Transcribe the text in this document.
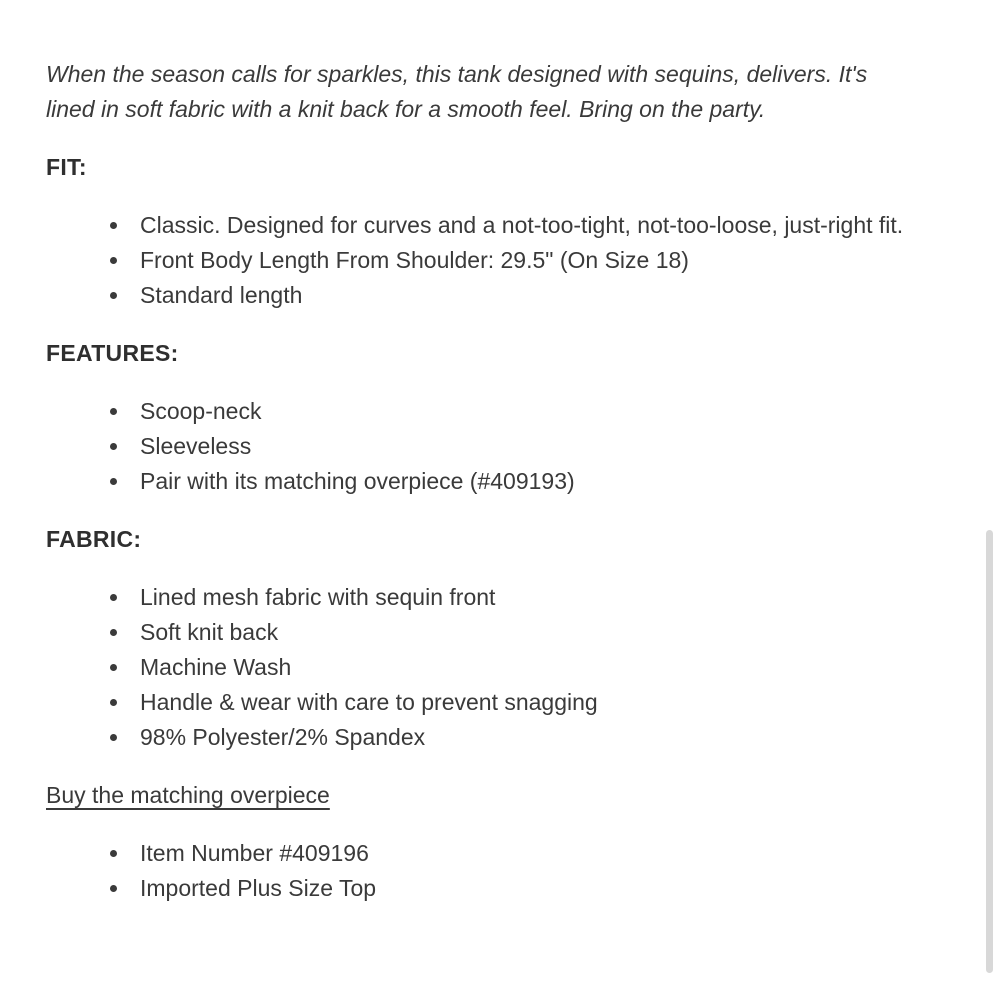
When the season calls for sparkles, this tank designed with sequins, delivers. It's lined in soft fabric with a knit back for a smooth feel. Bring on the party.

FIT:
Classic. Designed for curves and a not-too-tight, not-too-loose, just-right fit.
Front Body Length From Shoulder: 29.5" (On Size 18)
Standard length
FEATURES:
Scoop-neck
Sleeveless
Pair with its matching overpiece (#409193)
FABRIC:
Lined mesh fabric with sequin front
Soft knit back
Machine Wash
Handle & wear with care to prevent snagging
98% Polyester/2% Spandex
Buy the matching overpiece
Item Number #409196
Imported Plus Size Top
